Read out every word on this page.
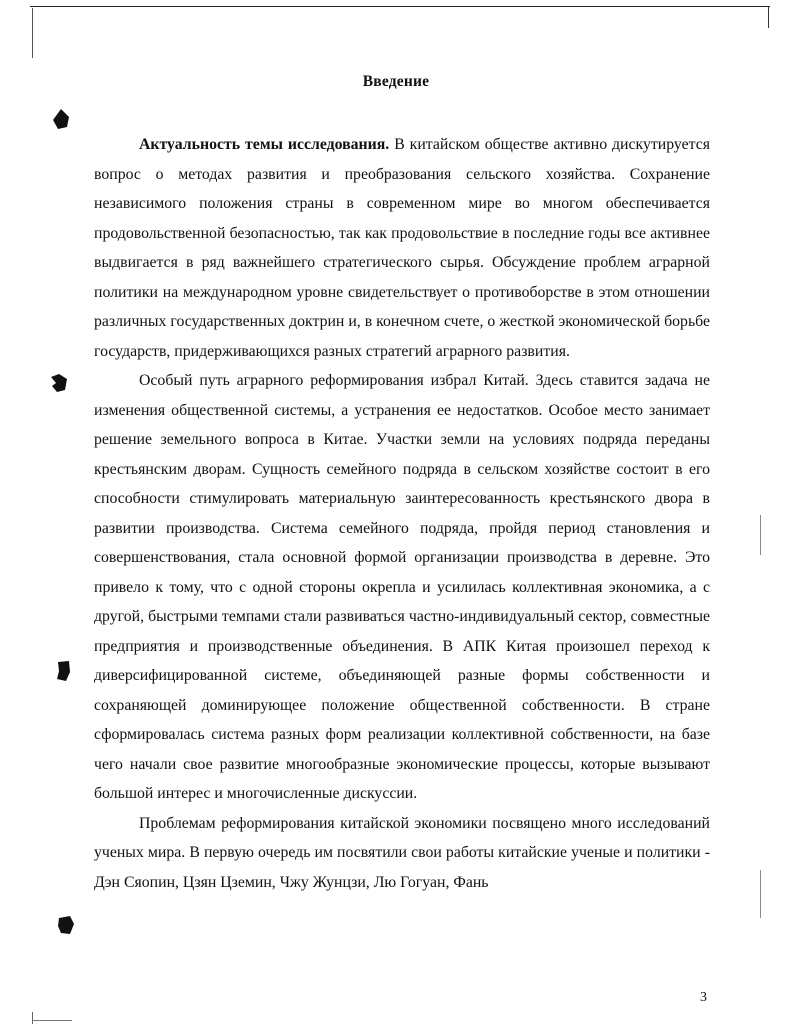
Введение

Актуальность темы исследования. В китайском обществе активно дискутируется вопрос о методах развития и преобразования сельского хозяйства. Сохранение независимого положения страны в современном мире во многом обеспечивается продовольственной безопасностью, так как продовольствие в последние годы все активнее выдвигается в ряд важнейшего стратегического сырья. Обсуждение проблем аграрной политики на международном уровне свидетельствует о противоборстве в этом отношении различных государственных доктрин и, в конечном счете, о жесткой экономической борьбе государств, придерживающихся разных стратегий аграрного развития.

Особый путь аграрного реформирования избрал Китай. Здесь ставится задача не изменения общественной системы, а устранения ее недостатков. Особое место занимает решение земельного вопроса в Китае. Участки земли на условиях подряда переданы крестьянским дворам. Сущность семейного подряда в сельском хозяйстве состоит в его способности стимулировать материальную заинтересованность крестьянского двора в развитии производства. Система семейного подряда, пройдя период становления и совершенствования, стала основной формой организации производства в деревне. Это привело к тому, что с одной стороны окрепла и усилилась коллективная экономика, а с другой, быстрыми темпами стали развиваться частно-индивидуальный сектор, совместные предприятия и производственные объединения. В АПК Китая произошел переход к диверсифицированной системе, объединяющей разные формы собственности и сохраняющей доминирующее положение общественной собственности. В стране сформировалась система разных форм реализации коллективной собственности, на базе чего начали свое развитие многообразные экономические процессы, которые вызывают большой интерес и многочисленные дискуссии.

Проблемам реформирования китайской экономики посвящено много исследований ученых мира. В первую очередь им посвятили свои работы китайские ученые и политики - Дэн Сяопин, Цзян Цземин, Чжу Жунцзи, Лю Гогуан, Фань

3
